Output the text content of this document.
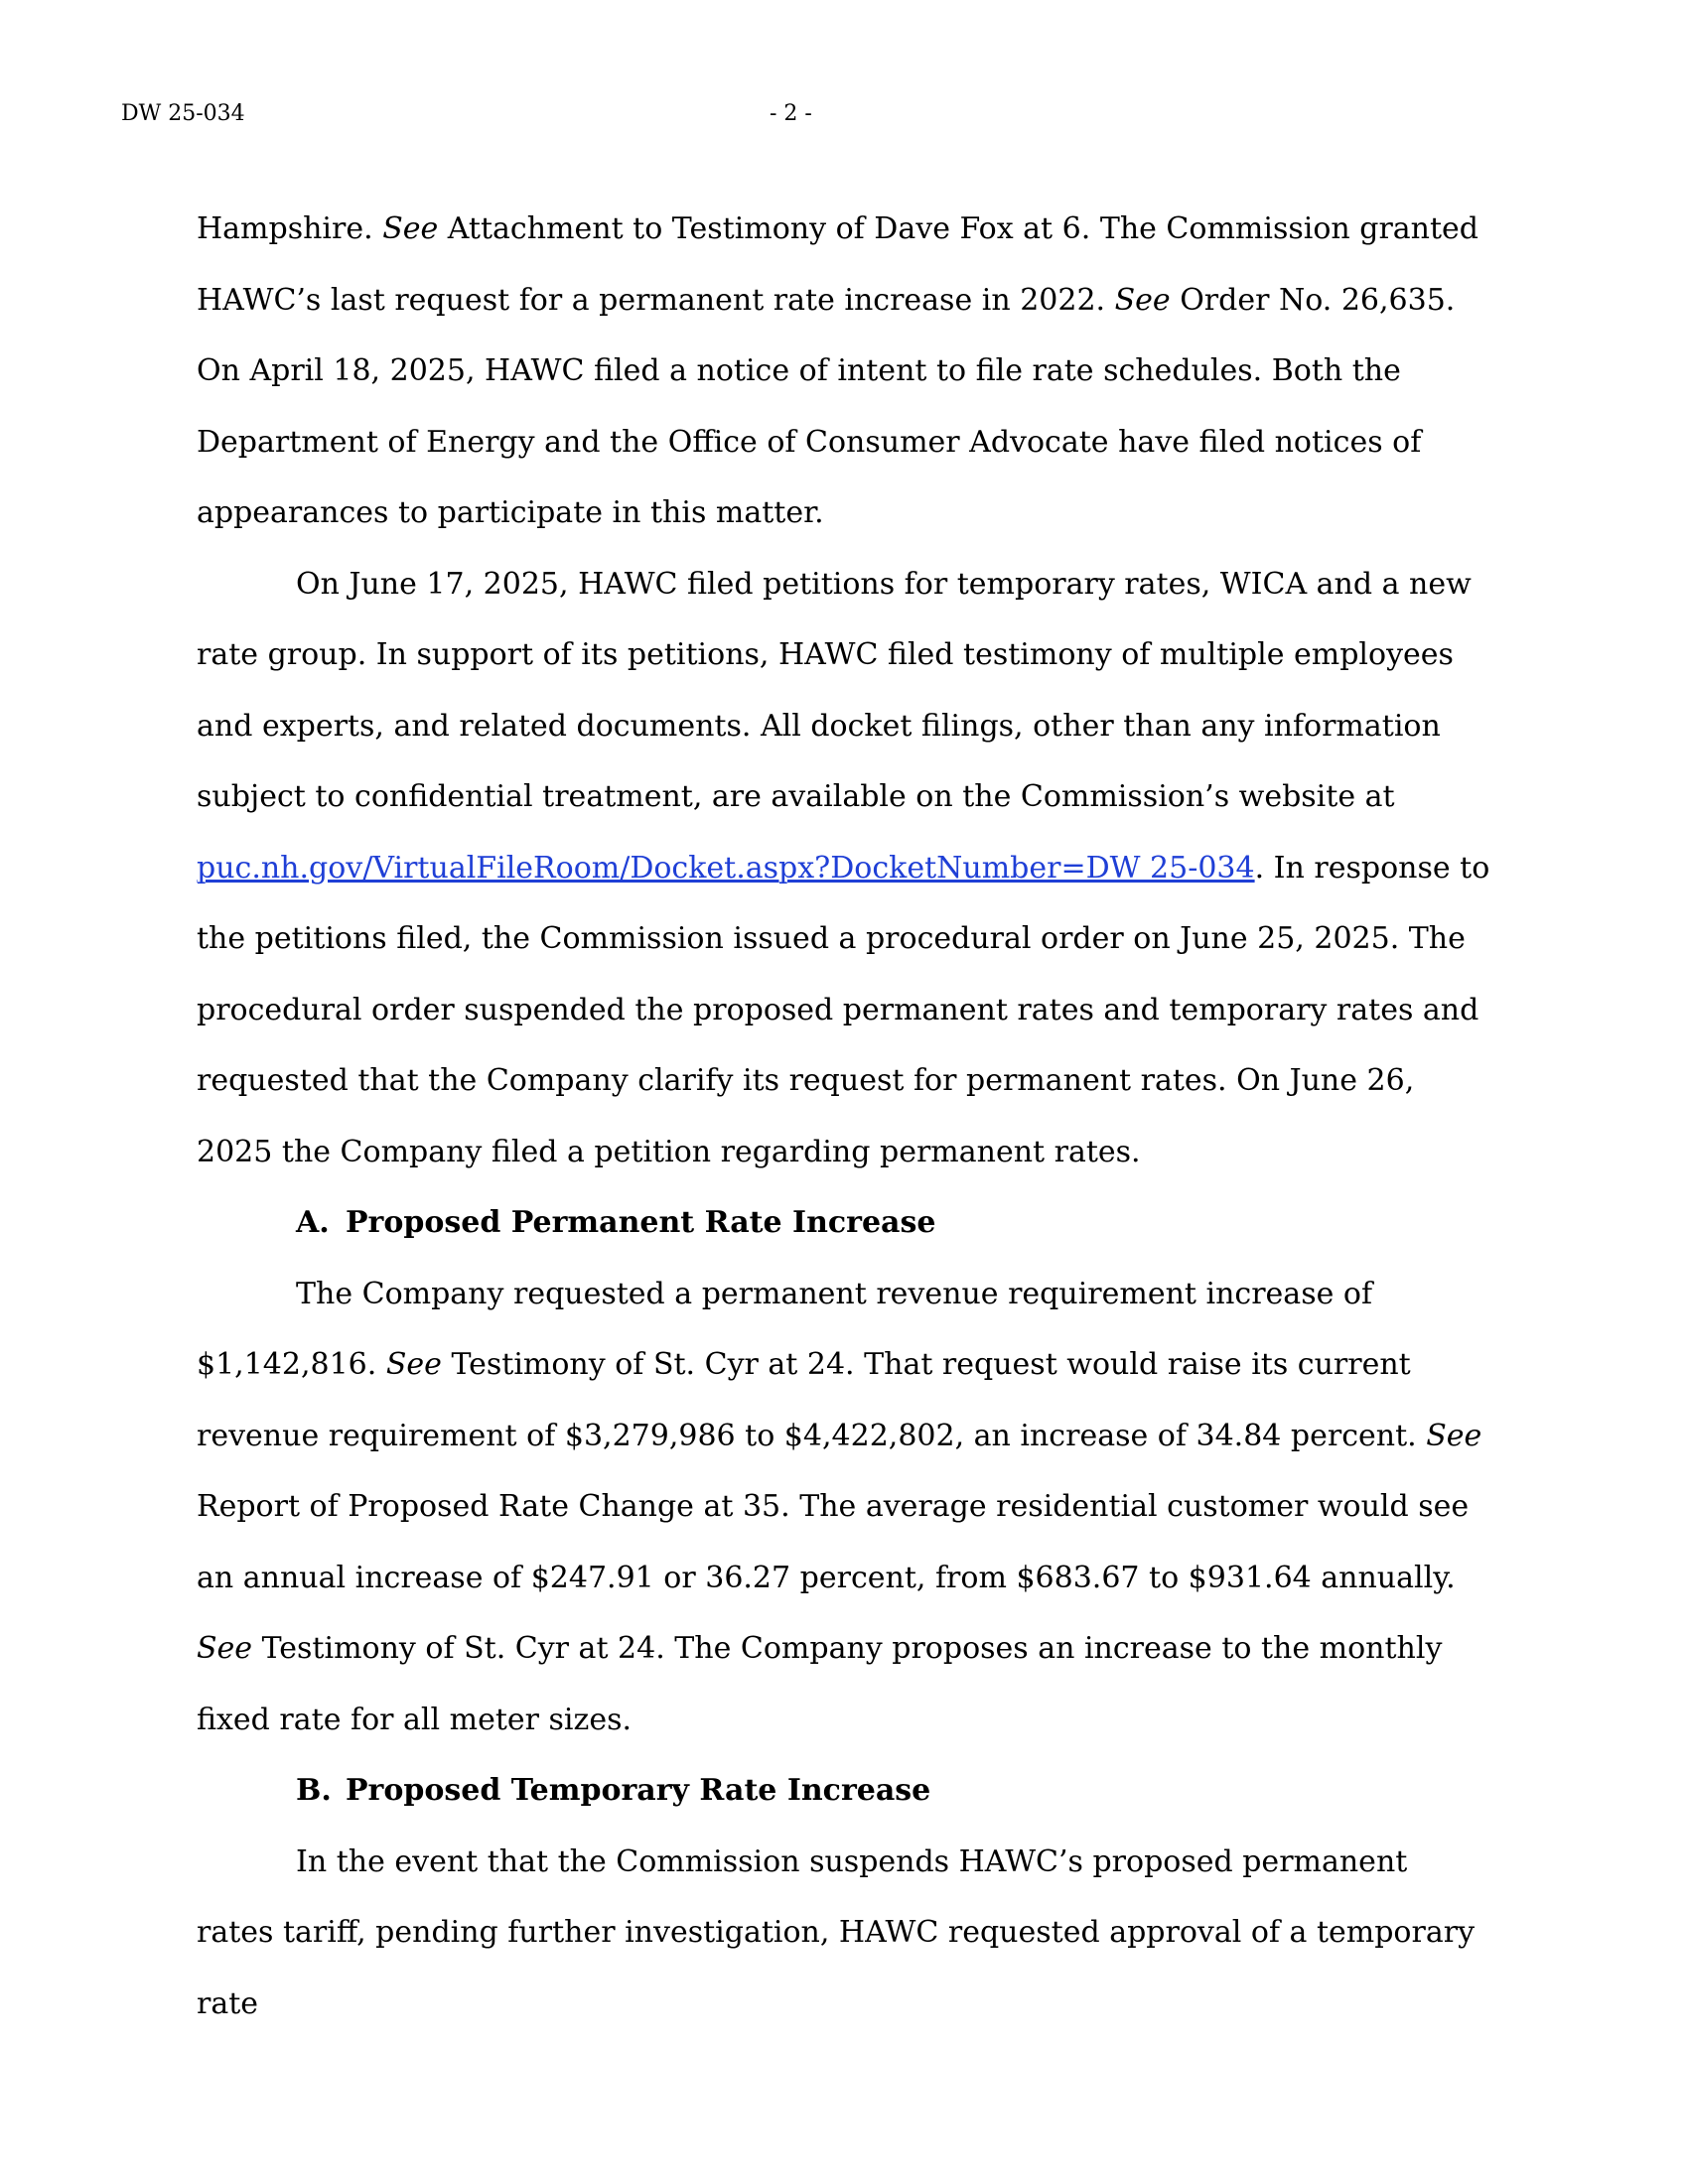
DW 25-034	- 2 -

Hampshire. See Attachment to Testimony of Dave Fox at 6. The Commission granted HAWC’s last request for a permanent rate increase in 2022. See Order No. 26,635. On April 18, 2025, HAWC filed a notice of intent to file rate schedules. Both the Department of Energy and the Office of Consumer Advocate have filed notices of appearances to participate in this matter.

On June 17, 2025, HAWC filed petitions for temporary rates, WICA and a new rate group. In support of its petitions, HAWC filed testimony of multiple employees and experts, and related documents. All docket filings, other than any information subject to confidential treatment, are available on the Commission’s website at puc.nh.gov/VirtualFileRoom/Docket.aspx?DocketNumber=DW 25-034. In response to the petitions filed, the Commission issued a procedural order on June 25, 2025. The procedural order suspended the proposed permanent rates and temporary rates and requested that the Company clarify its request for permanent rates. On June 26, 2025 the Company filed a petition regarding permanent rates.

A. Proposed Permanent Rate Increase

The Company requested a permanent revenue requirement increase of $1,142,816. See Testimony of St. Cyr at 24. That request would raise its current revenue requirement of $3,279,986 to $4,422,802, an increase of 34.84 percent. See Report of Proposed Rate Change at 35. The average residential customer would see an annual increase of $247.91 or 36.27 percent, from $683.67 to $931.64 annually. See Testimony of St. Cyr at 24. The Company proposes an increase to the monthly fixed rate for all meter sizes.

B. Proposed Temporary Rate Increase

In the event that the Commission suspends HAWC’s proposed permanent rates tariff, pending further investigation, HAWC requested approval of a temporary rate
